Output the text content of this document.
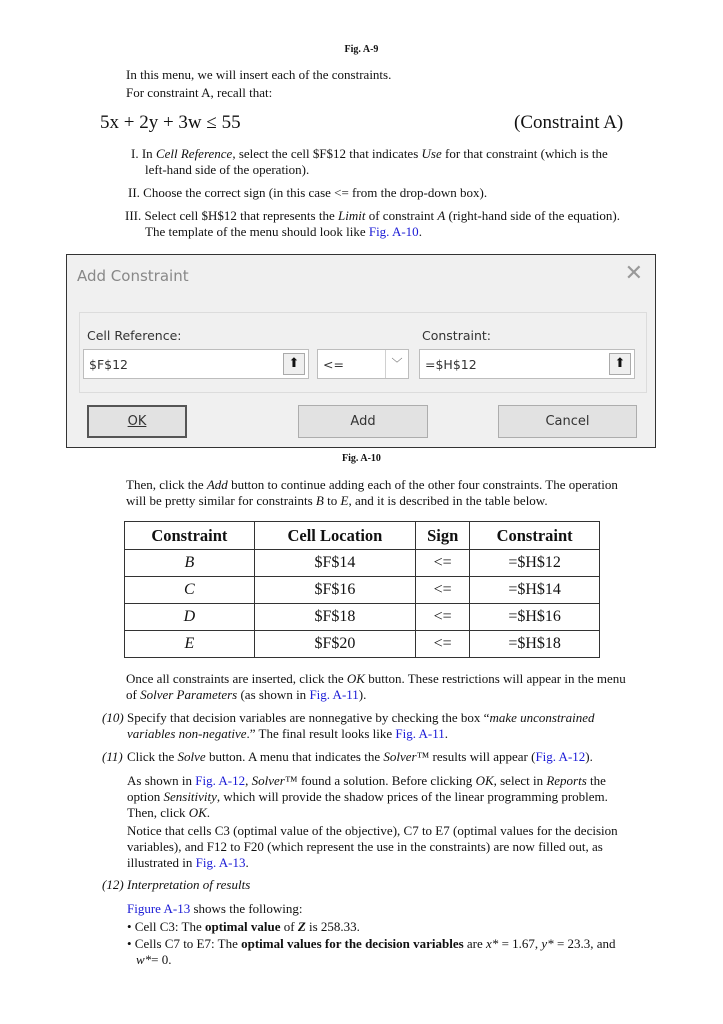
Fig. A-9
In this menu, we will insert each of the constraints.
For constraint A, recall that:
5x + 2y + 3w ≤ 55	(Constraint A)
I. In Cell Reference, select the cell $F$12 that indicates Use for that constraint (which is the
left-hand side of the operation).
II. Choose the correct sign (in this case <= from the drop-down box).
III. Select cell $H$12 that represents the Limit of constraint A (right-hand side of the equation).
The template of the menu should look like Fig. A-10.
Add Constraint	✕
Cell Reference:
$F$12	⬆	<=	﹀
Constraint:
=$H$12	⬆
OK	Add	Cancel
Fig. A-10
Then, click the Add button to continue adding each of the other four constraints. The operation
will be pretty similar for constraints B to E, and it is described in the table below.
Constraint	Cell Location	Sign	Constraint
B	$F$14	<=	=$H$12
C	$F$16	<=	=$H$14
D	$F$18	<=	=$H$16
E	$F$20	<=	=$H$18
Once all constraints are inserted, click the OK button. These restrictions will appear in the menu
of Solver Parameters (as shown in Fig. A-11).
(10) Specify that decision variables are nonnegative by checking the box “make unconstrained
variables non-negative.” The final result looks like Fig. A-11.
(11) Click the Solve button. A menu that indicates the Solver™ results will appear (Fig. A-12).
As shown in Fig. A-12, Solver™ found a solution. Before clicking OK, select in Reports the
option Sensitivity, which will provide the shadow prices of the linear programming problem.
Then, click OK.
Notice that cells C3 (optimal value of the objective), C7 to E7 (optimal values for the decision
variables), and F12 to F20 (which represent the use in the constraints) are now filled out, as
illustrated in Fig. A-13.
(12) Interpretation of results
Figure A-13 shows the following:
• Cell C3: The optimal value of Z is 258.33.
• Cells C7 to E7: The optimal values for the decision variables are x* = 1.67, y* = 23.3, and
w*= 0.
